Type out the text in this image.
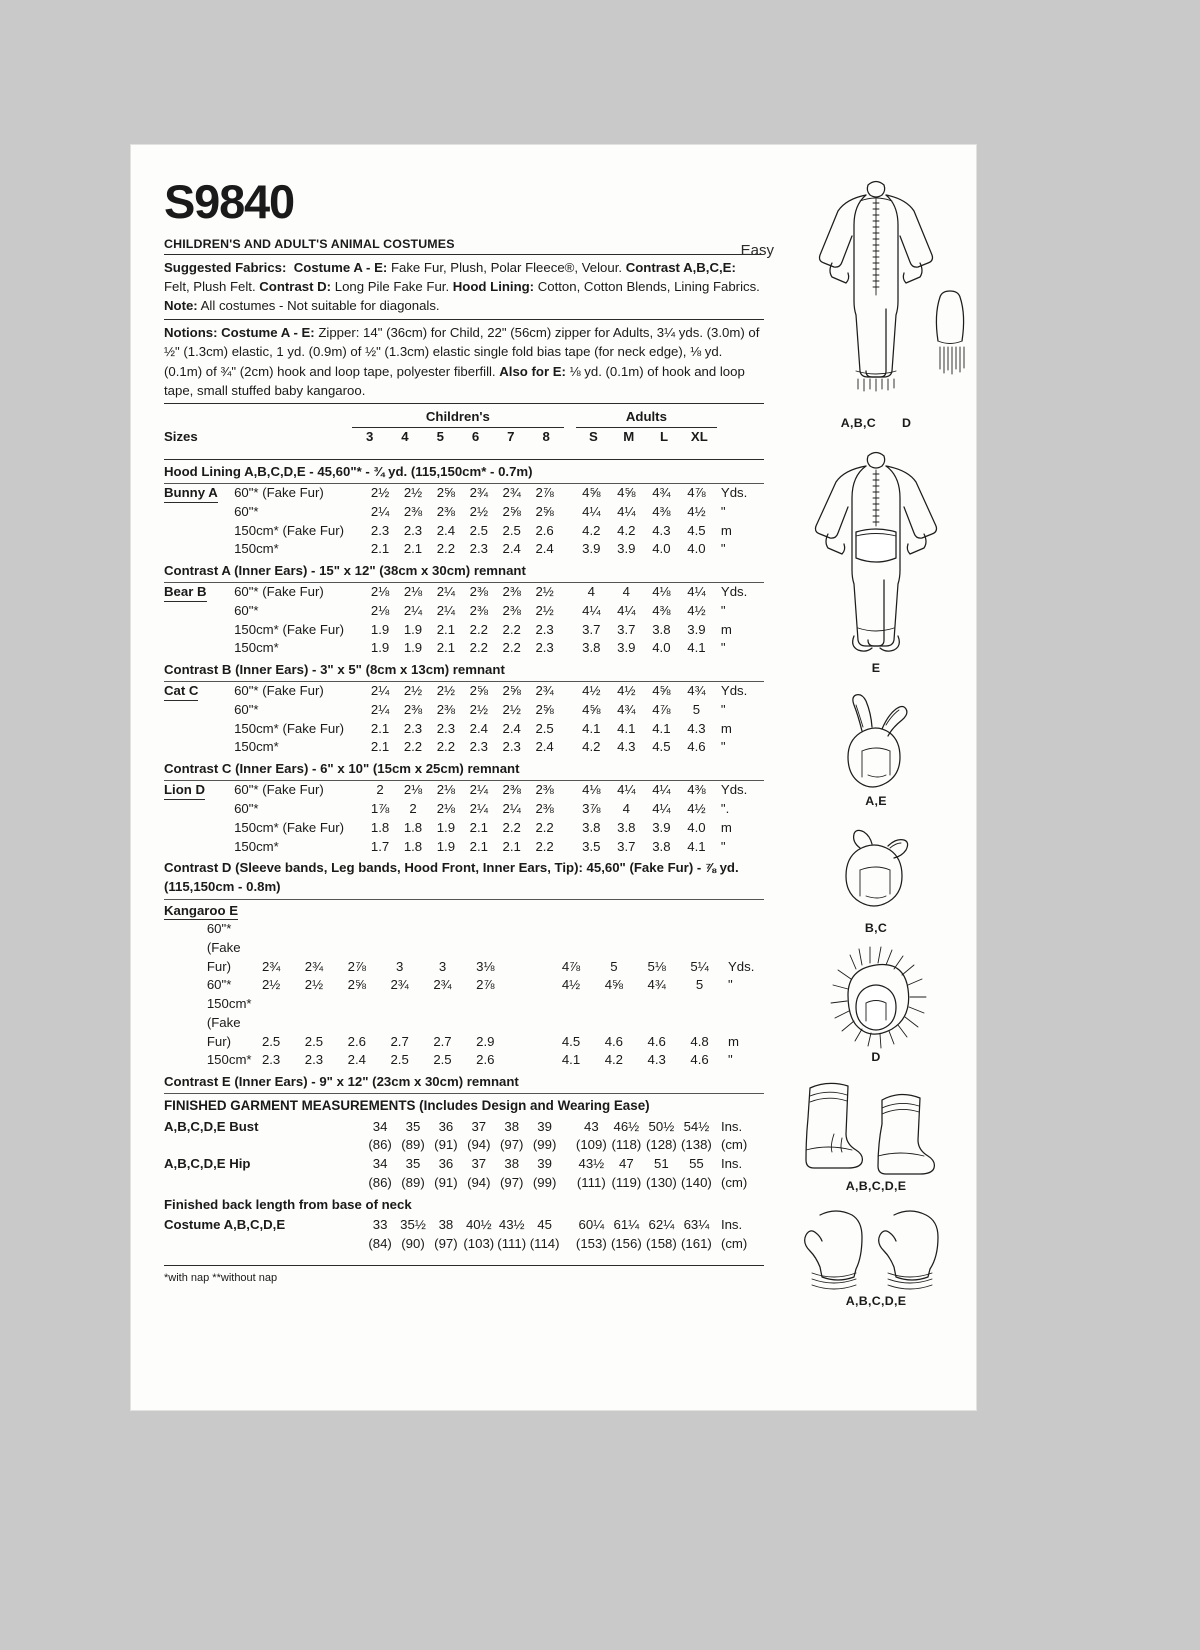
S9840
Easy
CHILDREN'S AND ADULT'S ANIMAL COSTUMES
Suggested Fabrics: Costume A - E: Fake Fur, Plush, Polar Fleece®, Velour. Contrast A,B,C,E: Felt, Plush Felt. Contrast D: Long Pile Fake Fur. Hood Lining: Cotton, Cotton Blends, Lining Fabrics.
Note: All costumes - Not suitable for diagonals.
Notions: Costume A - E: Zipper: 14" (36cm) for Child, 22" (56cm) zipper for Adults, 3¼ yds. (3.0m) of ½" (1.3cm) elastic, 1 yd. (0.9m) of ½" (1.3cm) elastic single fold bias tape (for neck edge), ⅛ yd. (0.1m) of ¾" (2cm) hook and loop tape, polyester fiberfill. Also for E: ⅛ yd. (0.1m) of hook and loop tape, small stuffed baby kangaroo.
		Children's							Adults				
Sizes		3	4	5	6	7	8		S	M	L	XL	
Hood Lining A,B,C,D,E - 45,60"* - ¾ yd. (115,150cm* - 0.7m)
Bunny A	60"* (Fake Fur)	2½	2½	2⅝	2¾	2¾	2⅞		4⅝	4⅝	4¾	4⅞	Yds.
	60"*	2¼	2⅜	2⅜	2½	2⅝	2⅝		4¼	4¼	4⅜	4½	"
	150cm* (Fake Fur)	2.3	2.3	2.4	2.5	2.5	2.6		4.2	4.2	4.3	4.5	m
	150cm*	2.1	2.1	2.2	2.3	2.4	2.4		3.9	3.9	4.0	4.0	"
Contrast A (Inner Ears) - 15" x 12" (38cm x 30cm) remnant
Bear B	60"* (Fake Fur)	2⅛	2⅛	2¼	2⅜	2⅜	2½		4	4	4⅛	4¼	Yds.
	60"*	2⅛	2¼	2¼	2⅜	2⅜	2½		4¼	4¼	4⅜	4½	"
	150cm* (Fake Fur)	1.9	1.9	2.1	2.2	2.2	2.3		3.7	3.7	3.8	3.9	m
	150cm*	1.9	1.9	2.1	2.2	2.2	2.3		3.8	3.9	4.0	4.1	"
Contrast B (Inner Ears) - 3" x 5" (8cm x 13cm) remnant
Cat C	60"* (Fake Fur)	2¼	2½	2½	2⅝	2⅝	2¾		4½	4½	4⅝	4¾	Yds.
	60"*	2¼	2⅜	2⅜	2½	2½	2⅝		4⅝	4¾	4⅞	5	"
	150cm* (Fake Fur)	2.1	2.3	2.3	2.4	2.4	2.5		4.1	4.1	4.1	4.3	m
	150cm*	2.1	2.2	2.2	2.3	2.3	2.4		4.2	4.3	4.5	4.6	"
Contrast C (Inner Ears) - 6" x 10" (15cm x 25cm) remnant
Lion D	60"* (Fake Fur)	2	2⅛	2⅛	2¼	2⅜	2⅜		4⅛	4¼	4¼	4⅜	Yds.
	60"*	1⅞	2	2⅛	2¼	2¼	2⅜		3⅞	4	4¼	4½	".
	150cm* (Fake Fur)	1.8	1.8	1.9	2.1	2.2	2.2		3.8	3.8	3.9	4.0	m
	150cm*	1.7	1.8	1.9	2.1	2.1	2.2		3.5	3.7	3.8	4.1	"
Contrast D (Sleeve bands, Leg bands, Hood Front, Inner Ears, Tip): 45,60" (Fake Fur) - ⅞ yd. (115,150cm - 0.8m)
Kangaroo E													
	60"* (Fake Fur)	2¾	2¾	2⅞	3	3	3⅛		4⅞	5	5⅛	5¼	Yds.
	60"*	2½	2½	2⅝	2¾	2¾	2⅞		4½	4⅝	4¾	5	"
	150cm* (Fake Fur)	2.5	2.5	2.6	2.7	2.7	2.9		4.5	4.6	4.6	4.8	m
	150cm*	2.3	2.3	2.4	2.5	2.5	2.6		4.1	4.2	4.3	4.6	"
Contrast E (Inner Ears) - 9" x 12" (23cm x 30cm) remnant
FINISHED GARMENT MEASUREMENTS (Includes Design and Wearing Ease)
A,B,C,D,E Bust		34	35	36	37	38	39		43	46½	50½	54½	Ins.
		(86)	(89)	(91)	(94)	(97)	(99)		(109)	(118)	(128)	(138)	(cm)
A,B,C,D,E Hip		34	35	36	37	38	39		43½	47	51	55	Ins.
		(86)	(89)	(91)	(94)	(97)	(99)		(111)	(119)	(130)	(140)	(cm)
Finished back length from base of neck
Costume A,B,C,D,E		33	35½	38	40½	43½	45		60¼	61¼	62¼	63¼	Ins.
		(84)	(90)	(97)	(103)	(111)	(114)		(153)	(156)	(158)	(161)	(cm)
*with nap **without nap
A,B,C D
E
A,E
B,C
D
A,B,C,D,E
A,B,C,D,E
